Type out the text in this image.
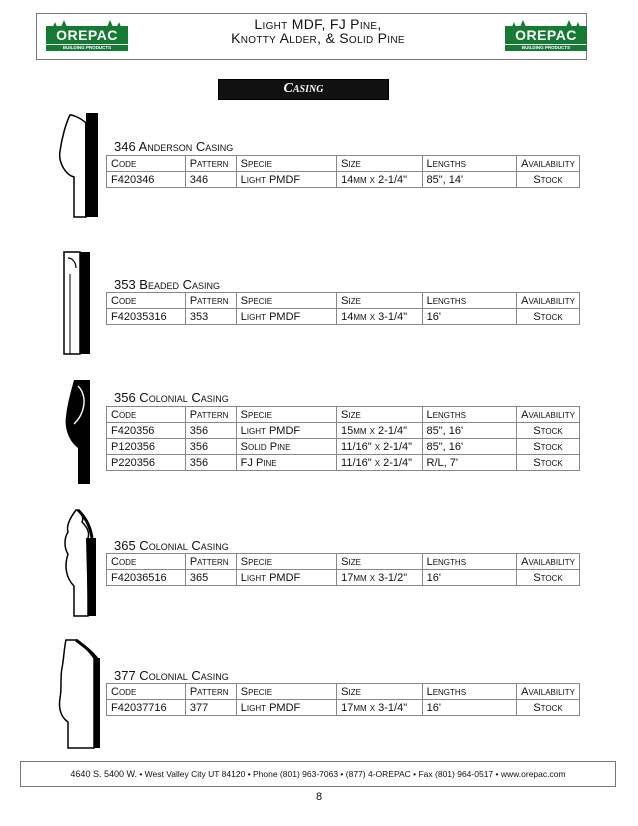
OREPAC
BUILDING PRODUCTS
Light MDF, FJ Pine,
Knotty Alder, & Solid Pine	OREPAC
BUILDING PRODUCTS
Casing
346 Anderson Casing
Code	Pattern	Specie	Size	Lengths	Availability
F420346	346	Light PMDF	14mm x 2-1/4"	85", 14'	Stock
353 Beaded Casing
Code	Pattern	Specie	Size	Lengths	Availability
F42035316	353	Light PMDF	14mm x 3-1/4"	16'	Stock
356 Colonial Casing
Code	Pattern	Specie	Size	Lengths	Availability
F420356	356	Light PMDF	15mm x 2-1/4"	85", 16'	Stock
P120356	356	Solid Pine	11/16" x 2-1/4"	85", 16'	Stock
P220356	356	FJ Pine	11/16" x 2-1/4"	R/L, 7'	Stock
365 Colonial Casing
Code	Pattern	Specie	Size	Lengths	Availability
F42036516	365	Light PMDF	17mm x 3-1/2"	16'	Stock
377 Colonial Casing
Code	Pattern	Specie	Size	Lengths	Availability
F42037716	377	Light PMDF	17mm x 3-1/4"	16'	Stock
4640 S. 5400 W. • West Valley City UT 84120 • Phone (801) 963-7063 • (877) 4-OREPAC • Fax (801) 964-0517 • www.orepac.com
8
